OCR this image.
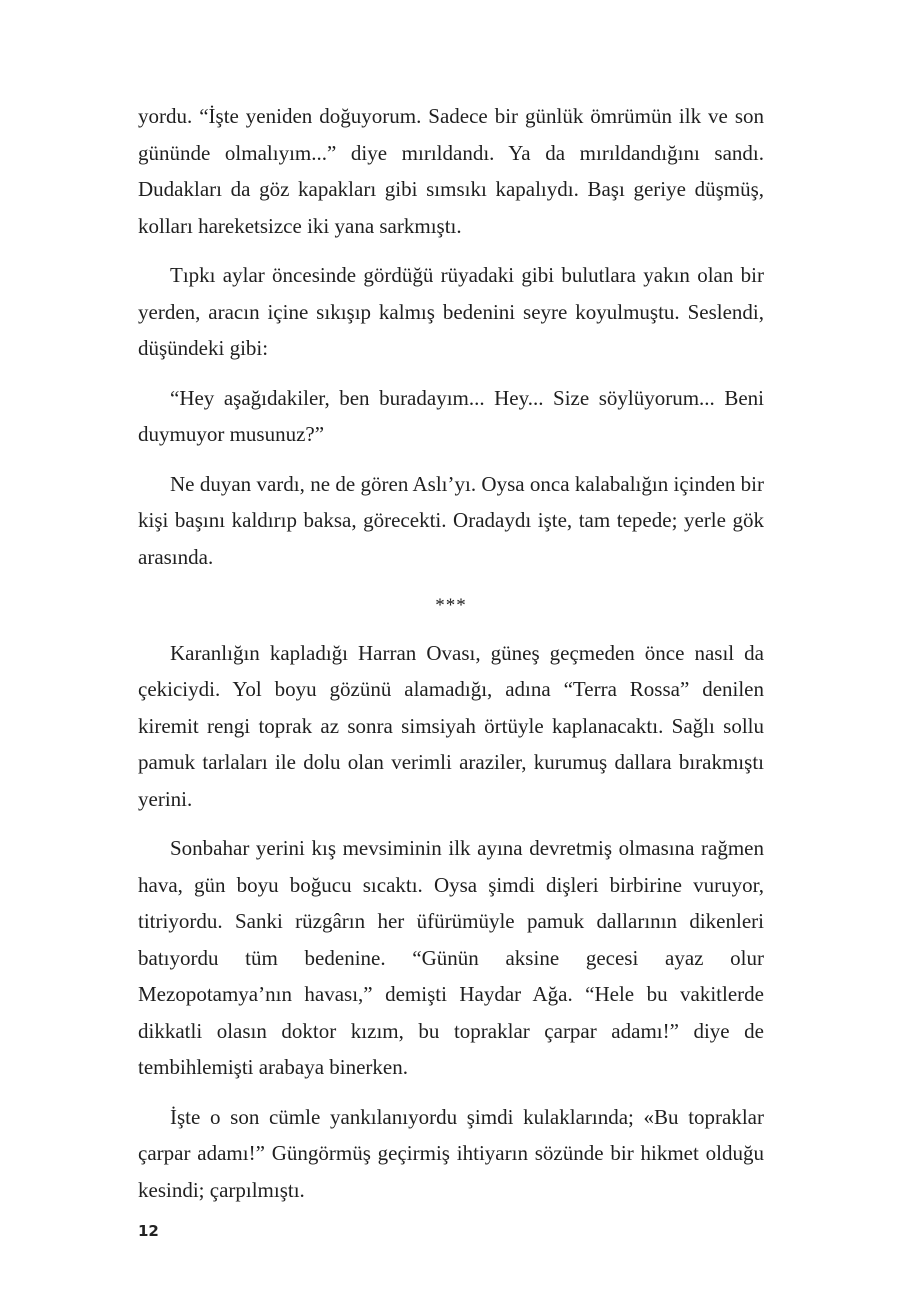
yordu. “İşte yeniden doğuyorum. Sadece bir günlük ömrümün ilk ve son gününde olmalıyım...” diye mırıldandı. Ya da mırıldandığını sandı. Dudakları da göz kapakları gibi sımsıkı kapalıydı. Başı geriye düşmüş, kolları hareketsizce iki yana sarkmıştı.

Tıpkı aylar öncesinde gördüğü rüyadaki gibi bulutlara yakın olan bir yerden, aracın içine sıkışıp kalmış bedenini seyre koyulmuştu. Seslendi, düşündeki gibi:

“Hey aşağıdakiler, ben buradayım... Hey... Size söylüyorum... Beni duymuyor musunuz?”

Ne duyan vardı, ne de gören Aslı’yı. Oysa onca kalabalığın içinden bir kişi başını kaldırıp baksa, görecekti. Oradaydı işte, tam tepede; yerle gök arasında.

***

Karanlığın kapladığı Harran Ovası, güneş geçmeden önce nasıl da çekiciydi. Yol boyu gözünü alamadığı, adına “Terra Rossa” denilen kiremit rengi toprak az sonra simsiyah örtüyle kaplanacaktı. Sağlı sollu pamuk tarlaları ile dolu olan verimli araziler, kurumuş dallara bırakmıştı yerini.

Sonbahar yerini kış mevsiminin ilk ayına devretmiş olmasına rağmen hava, gün boyu boğucu sıcaktı. Oysa şimdi dişleri birbirine vuruyor, titriyordu. Sanki rüzgârın her üfürümüyle pamuk dallarının dikenleri batıyordu tüm bedenine. “Günün aksine gecesi ayaz olur Mezopotamya’nın havası,” demişti Haydar Ağa. “Hele bu vakitlerde dikkatli olasın doktor kızım, bu topraklar çarpar adamı!” diye de tembihlemişti arabaya binerken.

İşte o son cümle yankılanıyordu şimdi kulaklarında; «Bu topraklar çarpar adamı!” Güngörmüş geçirmiş ihtiyarın sözünde bir hikmet olduğu kesindi; çarpılmıştı.

12
